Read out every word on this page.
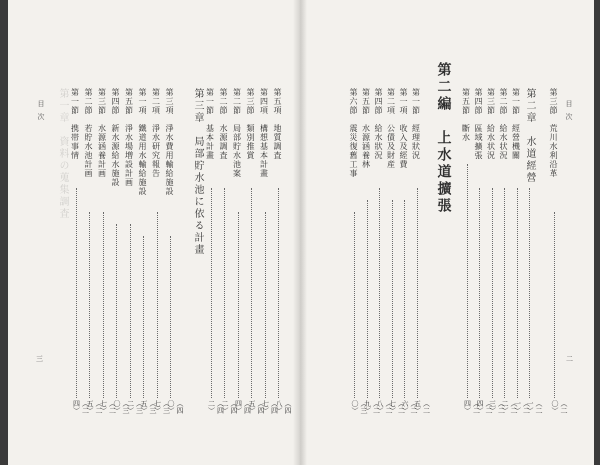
目次 第一章　資料の蒐集調査 第一節　携帯事情
（ 二四 ）
第二節　若貯水池計画
（ 二五 ）
第三節　水源涵養計画
（ 二七 ）
第四節　新水源給水施設
（ 三〇 ）
第五節　淨水場増設計画
（ 三二 ）
第一項　鐵道用水輸給施設
（ 三五 ）
第二項　淨水研究報告
（ 三七 ）
第三項　淨水費用輸給施設
（ 四〇 ）
第三章　局部貯水池に依る計畫 第一節　基本計畫
（ 四二 ）
第二節　水源調査
（ 四二 ）
第二節　局部貯水池案
（ 四四 ）
第三節　類別推賞
（ 四五 ）
第四項　構想基本計畫
（ 四七 ）
第五項　地質調査
（ 四八 ）
三
目次
第三節　荒川水利沿革
（ 二〇 ）
第二章　水道經營
（ 二一 ）
第一節　經營機關
（ 二一 ）
第二節　給水状況
（ 二二 ）
第三節　給水状況
（ 二三 ）
第四節　區域擴張
（ 二四 ）
第五節　斷水
（ 二四 ）
第二編　上水道擴張
第一節　經理狀況
（ 二五 ）
第一項　收入及經費
（ 二六 ）
第二項　公債及財産
（ 二七 ）
第四節　給水狀況
（ 二八 ）
第五節　水源涵養林
（ 二九 ）
第六節　震災復舊工事
（ 三〇 ）
二
